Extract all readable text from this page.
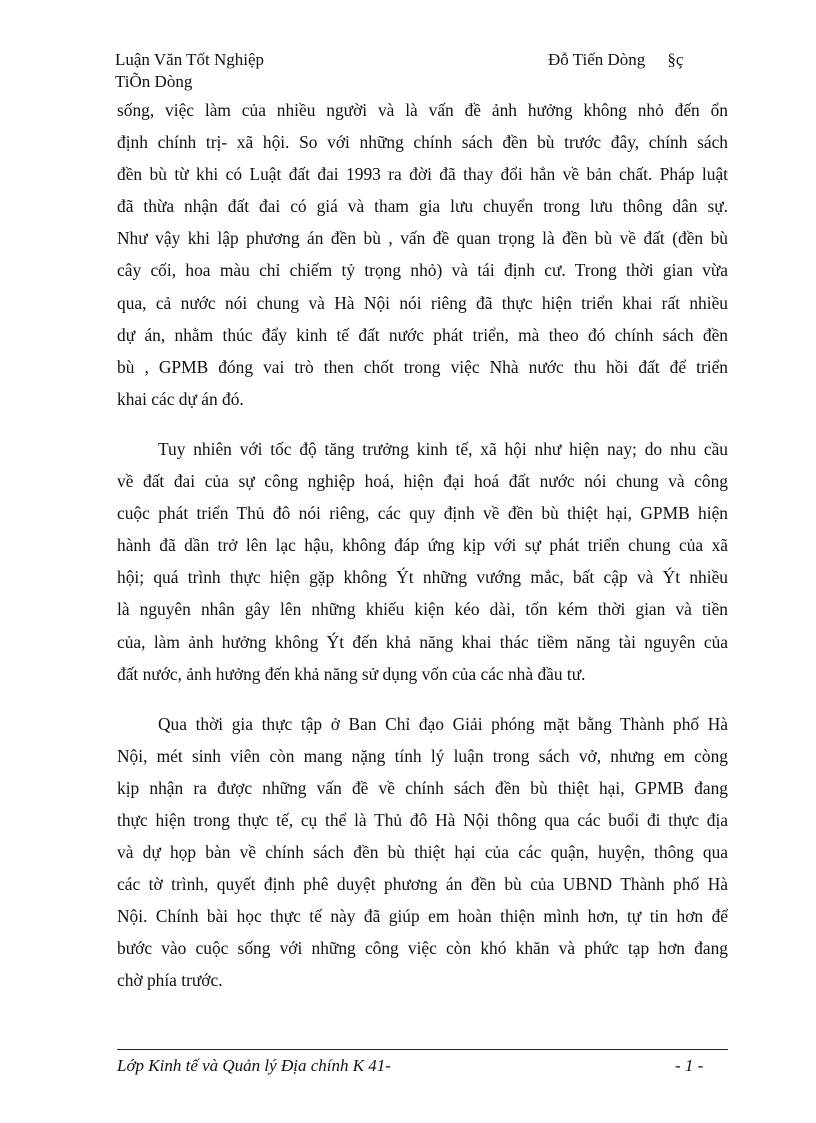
Luận Văn Tốt Nghiệp	Đỗ Tiến Dòng §ç
TiÕn Dòng
sống, việc làm của nhiều người và là vấn đề ảnh hưởng không nhỏ đến ổn
định chính trị- xã hội. So với những chính sách đền bù trước đây, chính sách
đền bù từ khi có Luật đất đai 1993 ra đời đã thay đổi hẳn về bản chất. Pháp luật
đã thừa nhận đất đai có giá và tham gia lưu chuyển trong lưu thông dân sự.
Như vậy khi lập phương án đền bù , vấn đề quan trọng là đền bù về đất (đền bù
cây cối, hoa màu chỉ chiếm tỷ trọng nhỏ) và tái định cư. Trong thời gian vừa
qua, cả nước nói chung và Hà Nội nói riêng đã thực hiện triển khai rất nhiều
dự án, nhằm thúc đẩy kinh tế đất nước phát triển, mà theo đó chính sách đền
bù , GPMB đóng vai trò then chốt trong việc Nhà nước thu hồi đất để triển
khai các dự án đó.
Tuy nhiên với tốc độ tăng trưởng kinh tế, xã hội như hiện nay; do nhu cầu
về đất đai của sự công nghiệp hoá, hiện đại hoá đất nước nói chung và công
cuộc phát triển Thủ đô nói riêng, các quy định về đền bù thiệt hại, GPMB hiện
hành đã dần trở lên lạc hậu, không đáp ứng kịp với sự phát triển chung của xã
hội; quá trình thực hiện gặp không Ýt những vướng mắc, bất cập và Ýt nhiều
là nguyên nhân gây lên những khiếu kiện kéo dài, tốn kém thời gian và tiền
của, làm ảnh hưởng không Ýt đến khả năng khai thác tiềm năng tài nguyên của
đất nước, ảnh hưởng đến khả năng sử dụng vốn của các nhà đầu tư.
Qua thời gia thực tập ở Ban Chỉ đạo Giải phóng mặt bằng Thành phố Hà
Nội, mét sinh viên còn mang nặng tính lý luận trong sách vở, nhưng em còng
kịp nhận ra được những vấn đề về chính sách đền bù thiệt hại, GPMB đang
thực hiện trong thực tế, cụ thể là Thủ đô Hà Nội thông qua các buổi đi thực địa
và dự họp bàn về chính sách đền bù thiệt hại của các quận, huyện, thông qua
các tờ trình, quyết định phê duyệt phương án đền bù của UBND Thành phố Hà
Nội. Chính bài học thực tế này đã giúp em hoàn thiện mình hơn, tự tin hơn để
bước vào cuộc sống với những công việc còn khó khăn và phức tạp hơn đang
chờ phía trước.
Lớp Kinh tế và Quản lý Địa chính K 41-	- 1 -
